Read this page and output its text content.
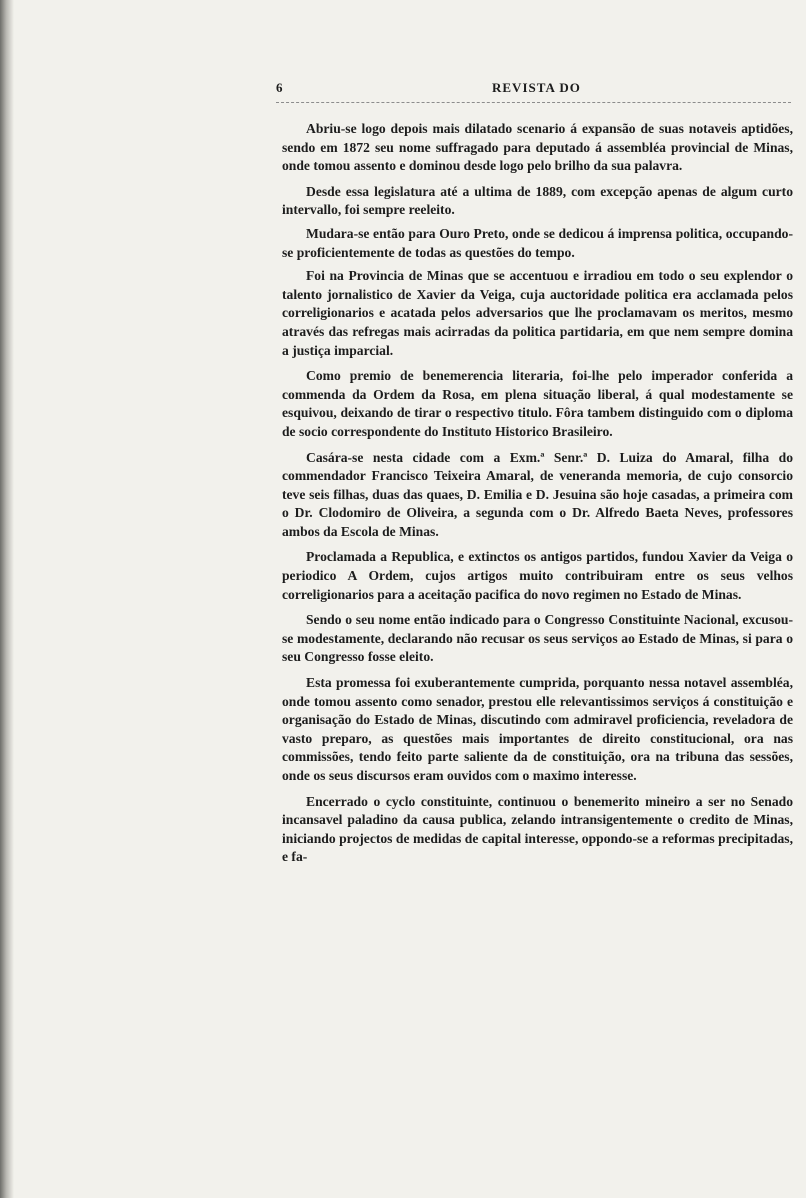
6	REVISTA DO

Abriu-se logo depois mais dilatado scenario á expansão de suas notaveis aptidões, sendo em 1872 seu nome suffragado para deputado á assembléa provincial de Minas, onde tomou assento e dominou desde logo pelo brilho da sua palavra.

Desde essa legislatura até a ultima de 1889, com excepção apenas de algum curto intervallo, foi sempre reeleito.

Mudara-se então para Ouro Preto, onde se dedicou á imprensa politica, occupando-se proficientemente de todas as questões do tempo.

Foi na Provincia de Minas que se accentuou e irradiou em todo o seu explendor o talento jornalistico de Xavier da Veiga, cuja auctoridade politica era acclamada pelos correligionarios e acatada pelos adversarios que lhe proclamavam os meritos, mesmo através das refregas mais acirradas da politica partidaria, em que nem sempre domina a justiça imparcial.

Como premio de benemerencia literaria, foi-lhe pelo imperador conferida a commenda da Ordem da Rosa, em plena situação liberal, á qual modestamente se esquivou, deixando de tirar o respectivo titulo. Fôra tambem distinguido com o diploma de socio correspondente do Instituto Historico Brasileiro.

Casára-se nesta cidade com a Exm.ª Senr.ª D. Luiza do Amaral, filha do commendador Francisco Teixeira Amaral, de veneranda memoria, de cujo consorcio teve seis filhas, duas das quaes, D. Emilia e D. Jesuina são hoje casadas, a primeira com o Dr. Clodomiro de Oliveira, a segunda com o Dr. Alfredo Baeta Neves, professores ambos da Escola de Minas.

Proclamada a Republica, e extinctos os antigos partidos, fundou Xavier da Veiga o periodico A Ordem, cujos artigos muito contribuiram entre os seus velhos correligionarios para a aceitação pacifica do novo regimen no Estado de Minas.

Sendo o seu nome então indicado para o Congresso Constituinte Nacional, excusou-se modestamente, declarando não recusar os seus serviços ao Estado de Minas, si para o seu Congresso fosse eleito.

Esta promessa foi exuberantemente cumprida, porquanto nessa notavel assembléa, onde tomou assento como senador, prestou elle relevantissimos serviços á constituição e organisação do Estado de Minas, discutindo com admiravel proficiencia, reveladora de vasto preparo, as questões mais importantes de direito constitucional, ora nas commissões, tendo feito parte saliente da de constituição, ora na tribuna das sessões, onde os seus discursos eram ouvidos com o maximo interesse.

Encerrado o cyclo constituinte, continuou o benemerito mineiro a ser no Senado incansavel paladino da causa publica, zelando intransigentemente o credito de Minas, iniciando projectos de medidas de capital interesse, oppondo-se a reformas precipitadas, e fa-
